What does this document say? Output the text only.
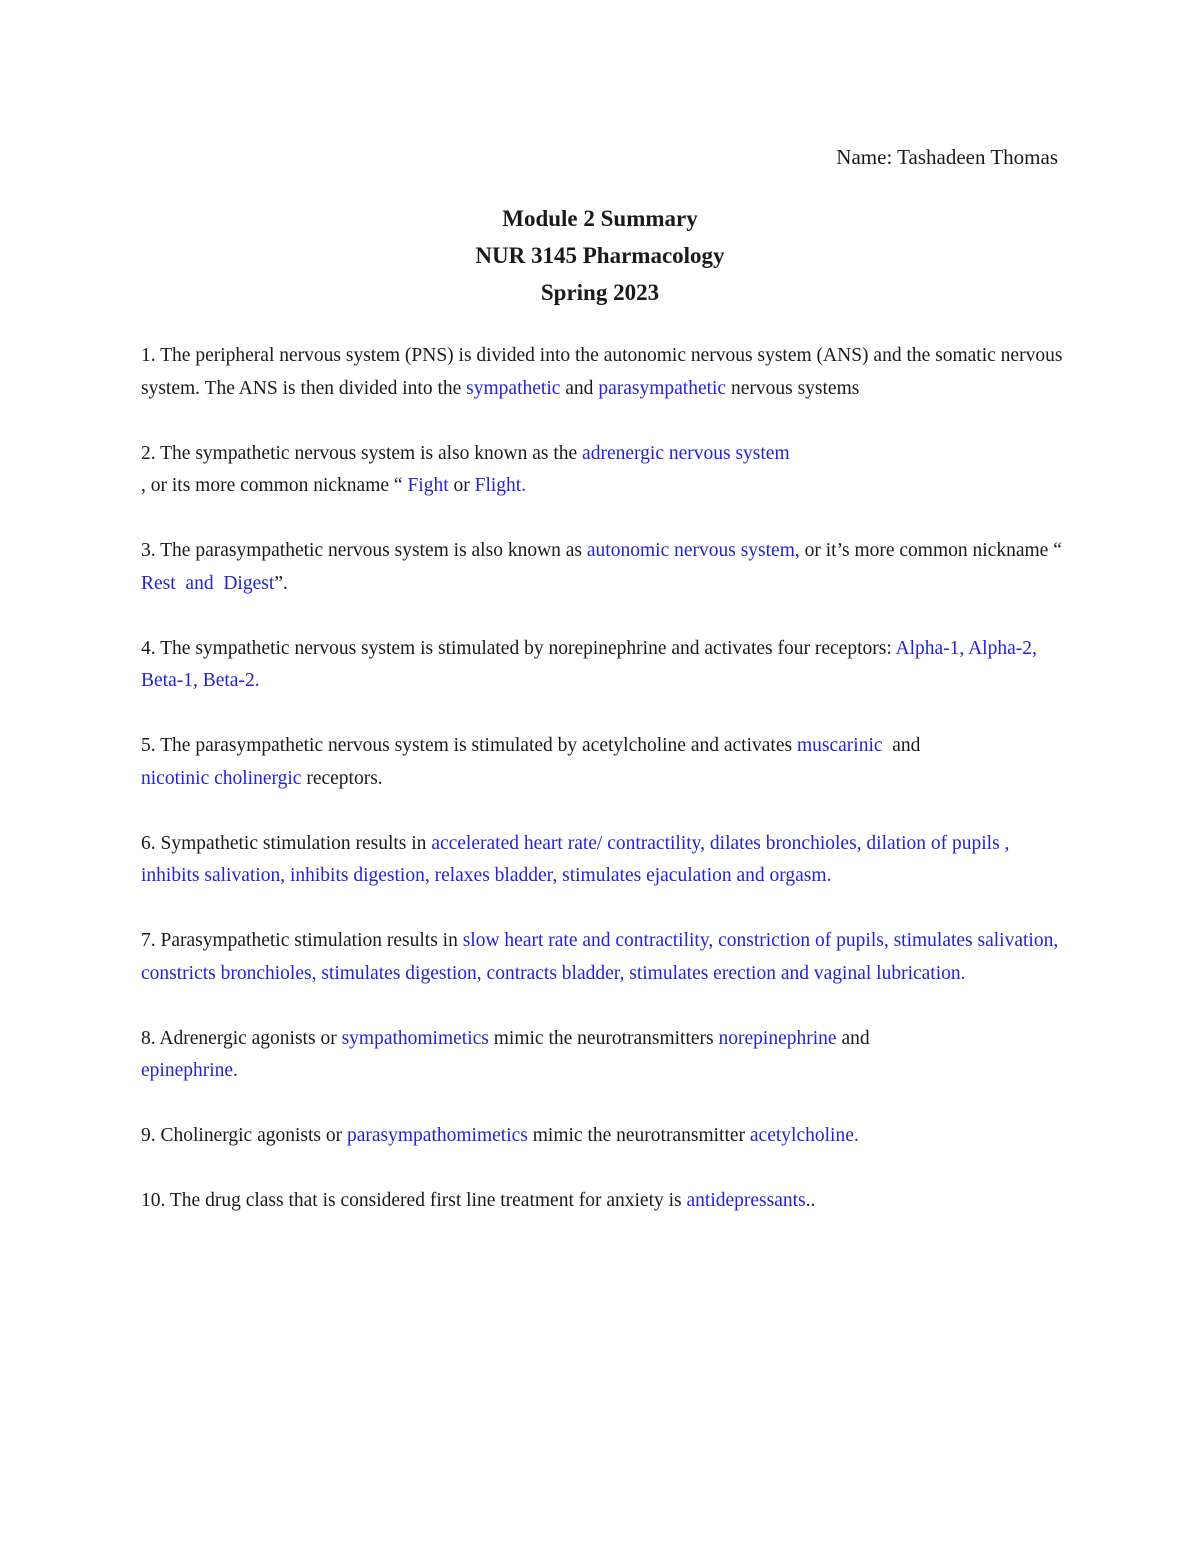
Name: Tashadeen Thomas
Module 2 Summary
NUR 3145 Pharmacology
Spring 2023

1. The peripheral nervous system (PNS) is divided into the autonomic nervous system (ANS) and the somatic nervous system. The ANS is then divided into the sympathetic and parasympathetic nervous systems

2. The sympathetic nervous system is also known as the adrenergic nervous system
, or its more common nickname “ Fight or Flight.

3. The parasympathetic nervous system is also known as autonomic nervous system, or it’s more common nickname “ Rest  and  Digest”.

4. The sympathetic nervous system is stimulated by norepinephrine and activates four receptors: Alpha-1, Alpha-2, Beta-1, Beta-2.

5. The parasympathetic nervous system is stimulated by acetylcholine and activates muscarinic  and
nicotinic cholinergic receptors.

6. Sympathetic stimulation results in accelerated heart rate/ contractility, dilates bronchioles, dilation of pupils , inhibits salivation, inhibits digestion, relaxes bladder, stimulates ejaculation and orgasm.

7. Parasympathetic stimulation results in slow heart rate and contractility, constriction of pupils, stimulates salivation, constricts bronchioles, stimulates digestion, contracts bladder, stimulates erection and vaginal lubrication.

8. Adrenergic agonists or sympathomimetics mimic the neurotransmitters norepinephrine and
epinephrine.

9. Cholinergic agonists or parasympathomimetics mimic the neurotransmitter acetylcholine.

10. The drug class that is considered first line treatment for anxiety is antidepressants..
